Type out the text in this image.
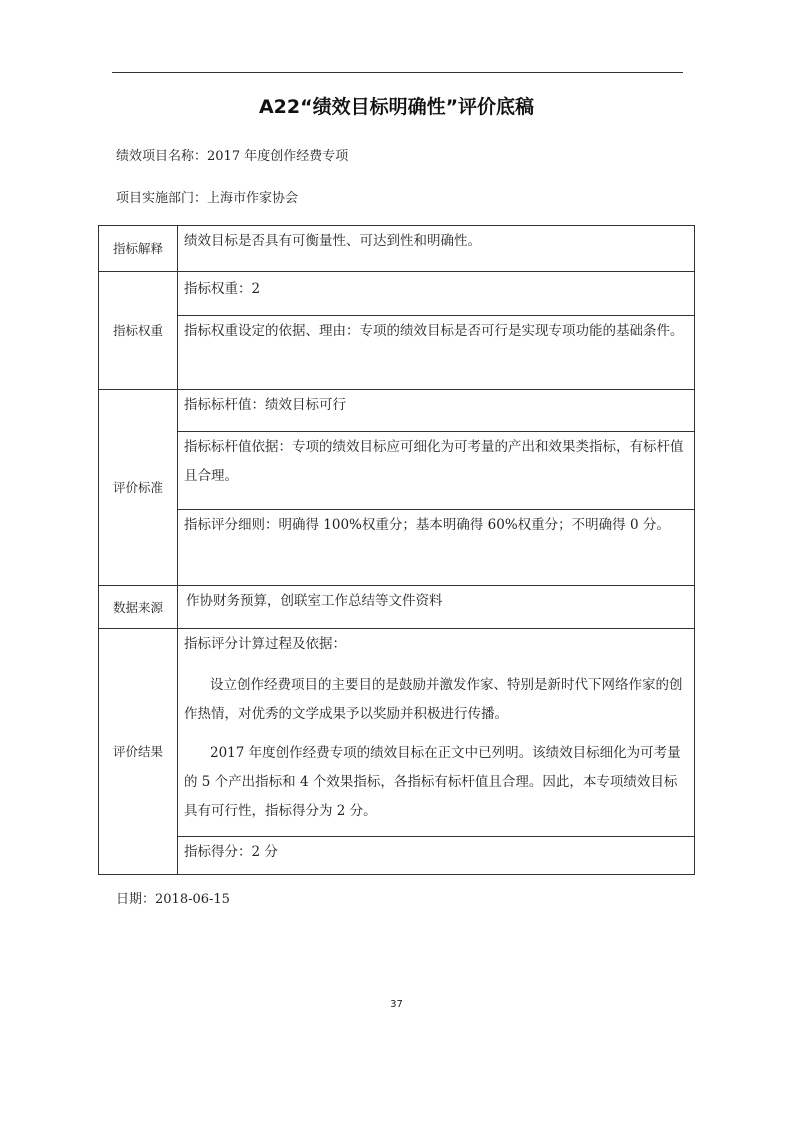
A22“绩效目标明确性”评价底稿
绩效项目名称：2017 年度创作经费专项
项目实施部门：上海市作家协会
指标解释	绩效目标是否具有可衡量性、可达到性和明确性。
指标权重	指标权重：2
	指标权重设定的依据、理由：专项的绩效目标是否可行是实现专项功能的基础条件。
评价标准	指标标杆值：绩效目标可行
	指标标杆值依据：专项的绩效目标应可细化为可考量的产出和效果类指标，有标杆值且合理。
	指标评分细则：明确得 100%权重分；基本明确得 60%权重分；不明确得 0 分。
数据来源	作协财务预算，创联室工作总结等文件资料
评价结果	指标评分计算过程及依据：

设立创作经费项目的主要目的是鼓励并激发作家、特别是新时代下网络作家的创作热情，对优秀的文学成果予以奖励并积极进行传播。

2017 年度创作经费专项的绩效目标在正文中已列明。该绩效目标细化为可考量的 5 个产出指标和 4 个效果指标，各指标有标杆值且合理。因此，本专项绩效目标具有可行性，指标得分为 2 分。

	指标得分：2 分
日期：2018-06-15
37
